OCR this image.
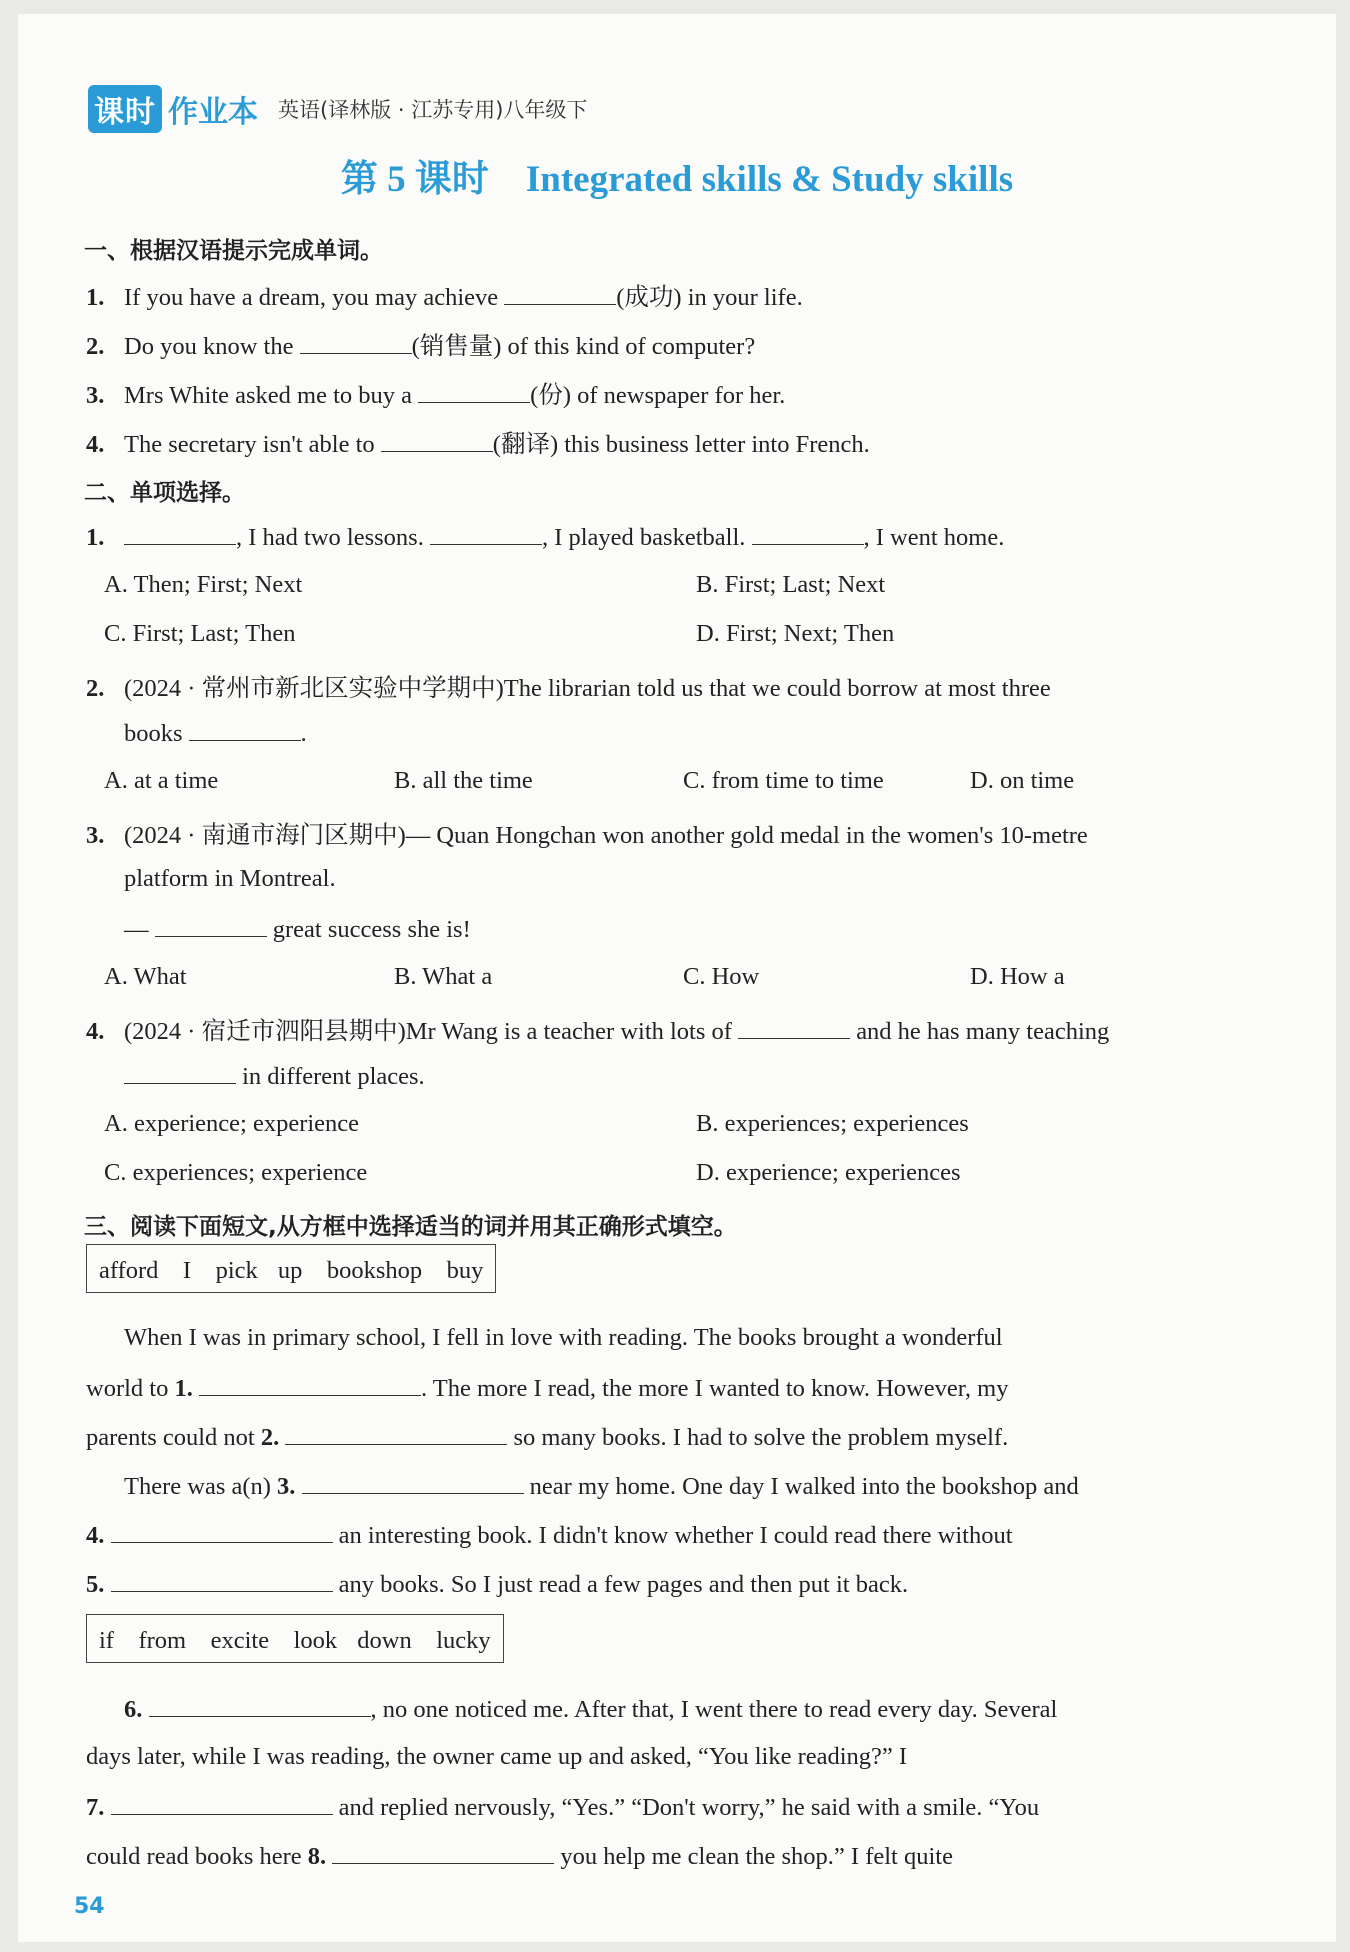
课时 作业本 英语(译林版 · 江苏专用)八年级下
第 5 课时　Integrated skills & Study skills
一、根据汉语提示完成单词。
1. If you have a dream, you may achieve	(成功) in your life.
2. Do you know the	(销售量) of this kind of computer?
3. Mrs White asked me to buy a	(份) of newspaper for her.
4. The secretary isn't able to	(翻译) this business letter into French.
二、单项选择。
1.	, I had two lessons.	, I played basketball.	, I went home.
A. Then; First; Next	B. First; Last; Next
C. First; Last; Then	D. First; Next; Then
2. (2024 · 常州市新北区实验中学期中)The librarian told us that we could borrow at most three
books	.
A. at a time	B. all the time	C. from time to time	D. on time
3. (2024 · 南通市海门区期中)— Quan Hongchan won another gold medal in the women's 10-metre
platform in Montreal.
—	great success she is!
A. What	B. What a	C. How	D. How a
4. (2024 · 宿迁市泗阳县期中)Mr Wang is a teacher with lots of	and he has many teaching
in different places.
A. experience; experience	B. experiences; experiences
C. experiences; experience	D. experience; experiences
三、阅读下面短文,从方框中选择适当的词并用其正确形式填空。
afford　I　pick up　bookshop　buy
When I was in primary school, I fell in love with reading. The books brought a wonderful
world to 1.	. The more I read, the more I wanted to know. However, my
parents could not 2.	so many books. I had to solve the problem myself.
There was a(n) 3.	near my home. One day I walked into the bookshop and
4.	an interesting book. I didn't know whether I could read there without
5.	any books. So I just read a few pages and then put it back.
if　from　excite　look down　lucky
6.	, no one noticed me. After that, I went there to read every day. Several
days later, while I was reading, the owner came up and asked, “You like reading?” I
7.	and replied nervously, “Yes.” “Don't worry,” he said with a smile. “You
could read books here 8.	you help me clean the shop.” I felt quite
54
